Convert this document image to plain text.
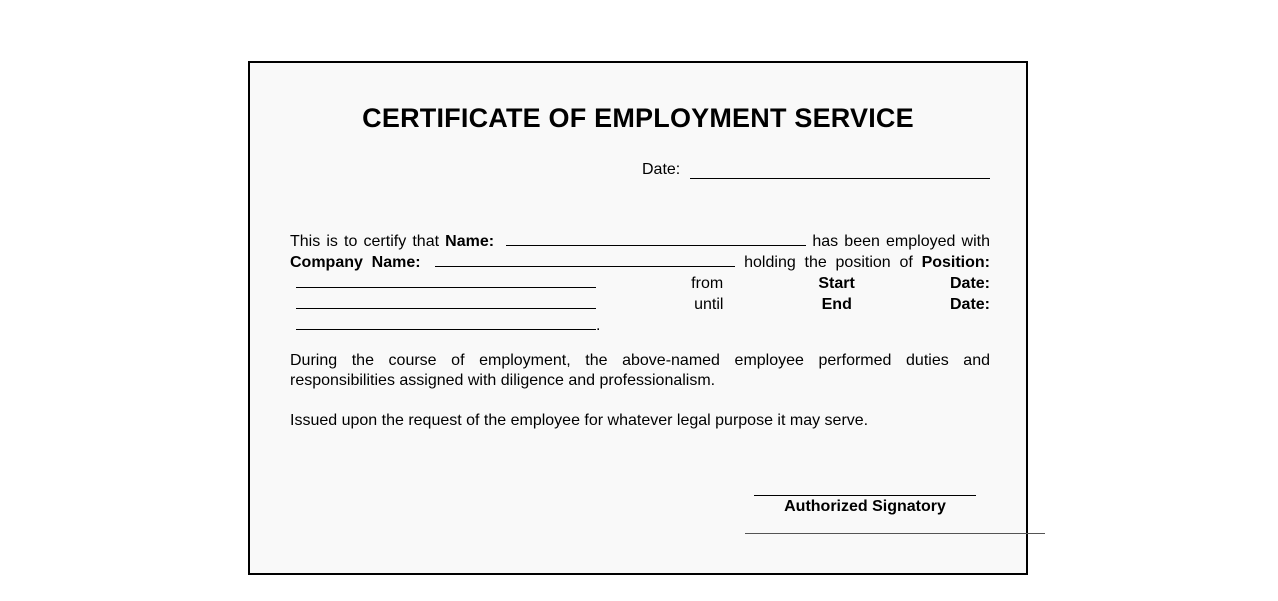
CERTIFICATE OF EMPLOYMENT SERVICE
Date:
This is to certify that Name:	has been employed with Company Name:	holding the position of Position:  from Start	Date:  until End	Date: .
During the course of employment, the above-named employee performed duties and responsibilities assigned with diligence and professionalism.
Issued upon the request of the employee for whatever legal purpose it may serve.
Authorized Signatory
